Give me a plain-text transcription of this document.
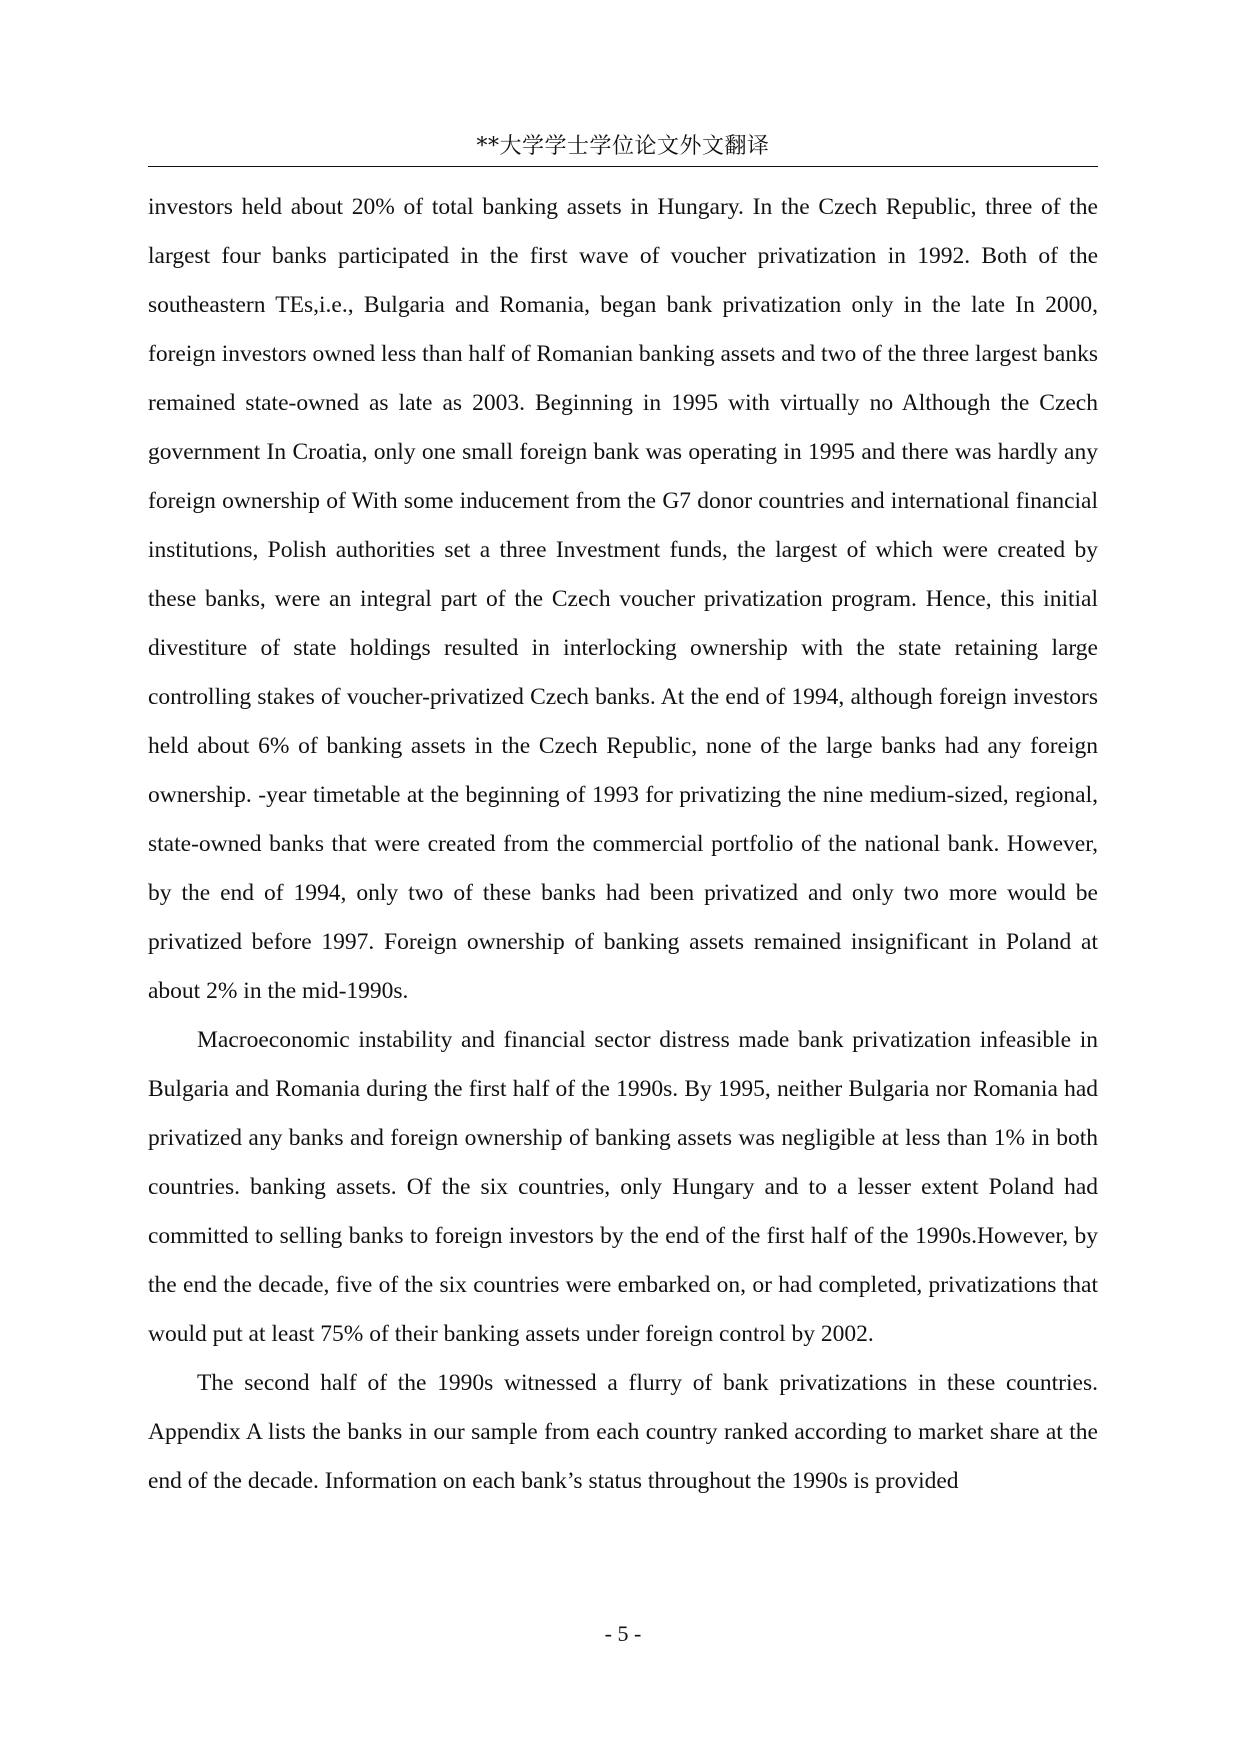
**大学学士学位论文外文翻译

investors held about 20% of total banking assets in Hungary. In the Czech Republic, three of the largest four banks participated in the first wave of voucher privatization in 1992. Both of the southeastern TEs,i.e., Bulgaria and Romania, began bank privatization only in the late In 2000, foreign investors owned less than half of Romanian banking assets and two of the three largest banks remained state-owned as late as 2003. Beginning in 1995 with virtually no Although the Czech government In Croatia, only one small foreign bank was operating in 1995 and there was hardly any foreign ownership of With some inducement from the G7 donor countries and international financial institutions, Polish authorities set a three Investment funds, the largest of which were created by these banks, were an integral part of the Czech voucher privatization program. Hence, this initial divestiture of state holdings resulted in interlocking ownership with the state retaining large controlling stakes of voucher-privatized Czech banks. At the end of 1994, although foreign investors held about 6% of banking assets in the Czech Republic, none of the large banks had any foreign ownership. -year timetable at the beginning of 1993 for privatizing the nine medium-sized, regional, state-owned banks that were created from the commercial portfolio of the national bank. However, by the end of 1994, only two of these banks had been privatized and only two more would be privatized before 1997. Foreign ownership of banking assets remained insignificant in Poland at about 2% in the mid-1990s.

Macroeconomic instability and financial sector distress made bank privatization infeasible in Bulgaria and Romania during the first half of the 1990s. By 1995, neither Bulgaria nor Romania had privatized any banks and foreign ownership of banking assets was negligible at less than 1% in both countries. banking assets. Of the six countries, only Hungary and to a lesser extent Poland had committed to selling banks to foreign investors by the end of the first half of the 1990s.However, by the end the decade, five of the six countries were embarked on, or had completed, privatizations that would put at least 75% of their banking assets under foreign control by 2002.

The second half of the 1990s witnessed a flurry of bank privatizations in these countries. Appendix A lists the banks in our sample from each country ranked according to market share at the end of the decade. Information on each bank’s status throughout the 1990s is provided

- 5 -
